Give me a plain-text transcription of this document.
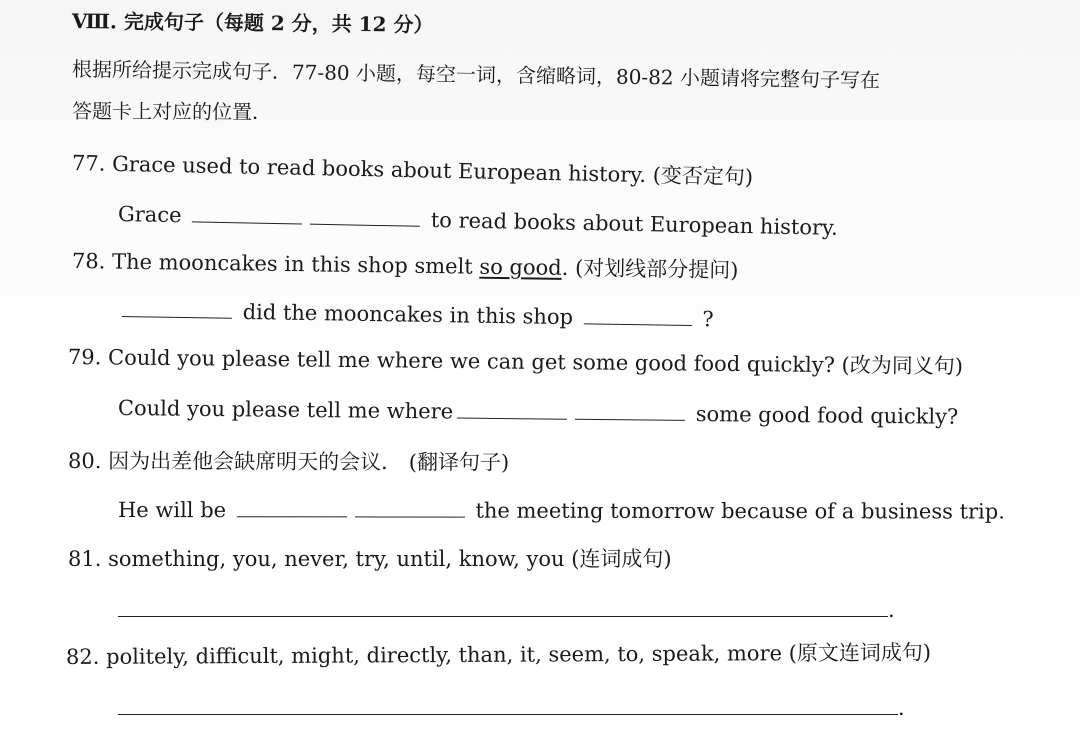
Ⅷ. 完成句子（每题 2 分，共 12 分）
根据所给提示完成句子．77-80 小题，每空一词，含缩略词，80-82 小题请将完整句子写在
答题卡上对应的位置．
77. Grace used to read books about European history. (变否定句)
Grace	to read books about European history.
78. The mooncakes in this shop smelt so good. (对划线部分提问)
did the mooncakes in this shop	?
79. Could you please tell me where we can get some good food quickly? (改为同义句)
Could you please tell me where	some good food quickly?
80. 因为出差他会缺席明天的会议． (翻译句子)
He will be	the meeting tomorrow because of a business trip.
81. something, you, never, try, until, know, you (连词成句)
.
82. politely, difficult, might, directly, than, it, seem, to, speak, more (原文连词成句)
.
